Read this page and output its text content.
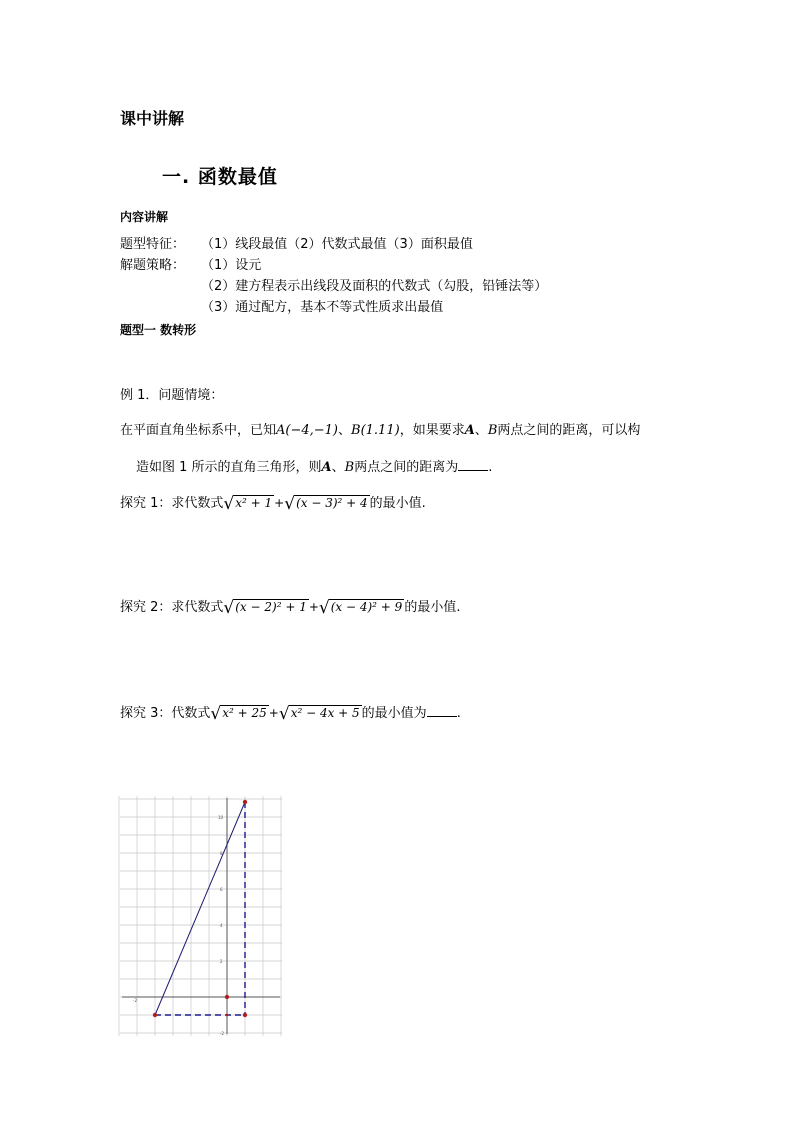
课中讲解
一. 函数最值
内容讲解
题型特征： （1）线段最值（2）代数式最值（3）面积最值
解题策略： （1）设元
（2）建方程表示出线段及面积的代数式（勾股，铅锤法等）
（3）通过配方，基本不等式性质求出最值
题型一 数转形
例 1．问题情境：
在平面直角坐标系中，已知A(−4,−1)、B(1.11)，如果要求A、B两点之间的距离，可以构
造如图 1 所示的直角三角形，则A、B两点之间的距离为 .
探究 1：求代数式√x² + 1 +√(x − 3)² + 4 的最小值.
探究 2：求代数式√(x − 2)² + 1 +√(x − 4)² + 9 的最小值.
探究 3：代数式√x² + 25 +√x² − 4x + 5 的最小值为 .
10
8
6
4
2
-2
-2
